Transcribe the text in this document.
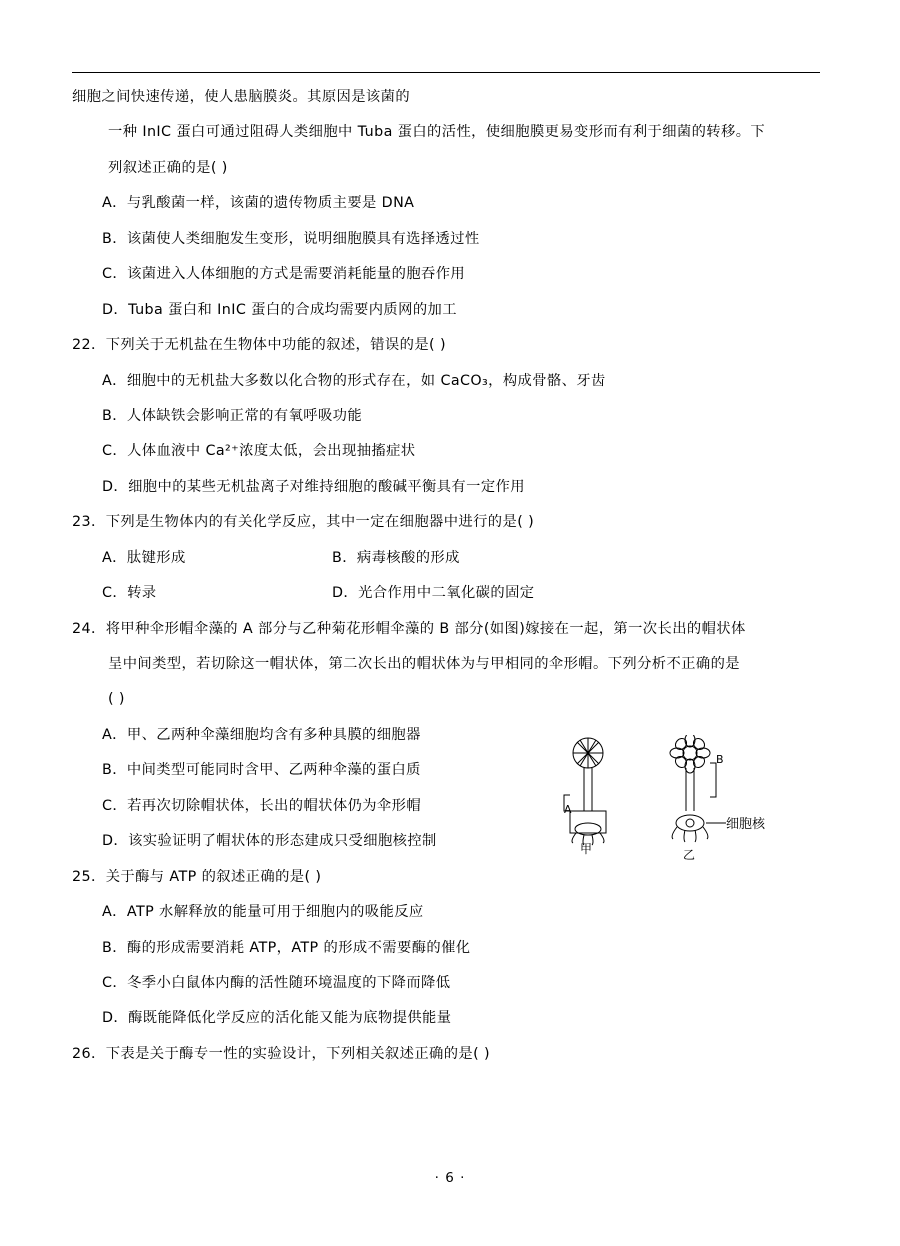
细胞之间快速传递，使人患脑膜炎。其原因是该菌的

一种 InIC 蛋白可通过阻碍人类细胞中 Tuba 蛋白的活性，使细胞膜更易变形而有利于细菌的转移。下

列叙述正确的是( )

A．与乳酸菌一样，该菌的遗传物质主要是 DNA

B．该菌使人类细胞发生变形，说明细胞膜具有选择透过性

C．该菌进入人体细胞的方式是需要消耗能量的胞吞作用

D．Tuba 蛋白和 InIC 蛋白的合成均需要内质网的加工

22．下列关于无机盐在生物体中功能的叙述，错误的是( )

A．细胞中的无机盐大多数以化合物的形式存在，如 CaCO₃，构成骨骼、牙齿

B．人体缺铁会影响正常的有氧呼吸功能

C．人体血液中 Ca²⁺浓度太低，会出现抽搐症状

D．细胞中的某些无机盐离子对维持细胞的酸碱平衡具有一定作用

23．下列是生物体内的有关化学反应，其中一定在细胞器中进行的是( )

A．肽键形成	B．病毒核酸的形成
C．转录	D．光合作用中二氧化碳的固定

24．将甲种伞形帽伞藻的 A 部分与乙种菊花形帽伞藻的 B 部分(如图)嫁接在一起，第一次长出的帽状体

呈中间类型，若切除这一帽状体，第二次长出的帽状体为与甲相同的伞形帽。下列分析不正确的是

( )

A．甲、乙两种伞藻细胞均含有多种具膜的细胞器

B．中间类型可能同时含甲、乙两种伞藻的蛋白质

C．若再次切除帽状体，长出的帽状体仍为伞形帽

D．该实验证明了帽状体的形态建成只受细胞核控制

A
B
甲	乙
细胞核

25．关于酶与 ATP 的叙述正确的是( )

A．ATP 水解释放的能量可用于细胞内的吸能反应

B．酶的形成需要消耗 ATP，ATP 的形成不需要酶的催化

C．冬季小白鼠体内酶的活性随环境温度的下降而降低

D．酶既能降低化学反应的活化能又能为底物提供能量

26．下表是关于酶专一性的实验设计，下列相关叙述正确的是( )

· 6 ·
